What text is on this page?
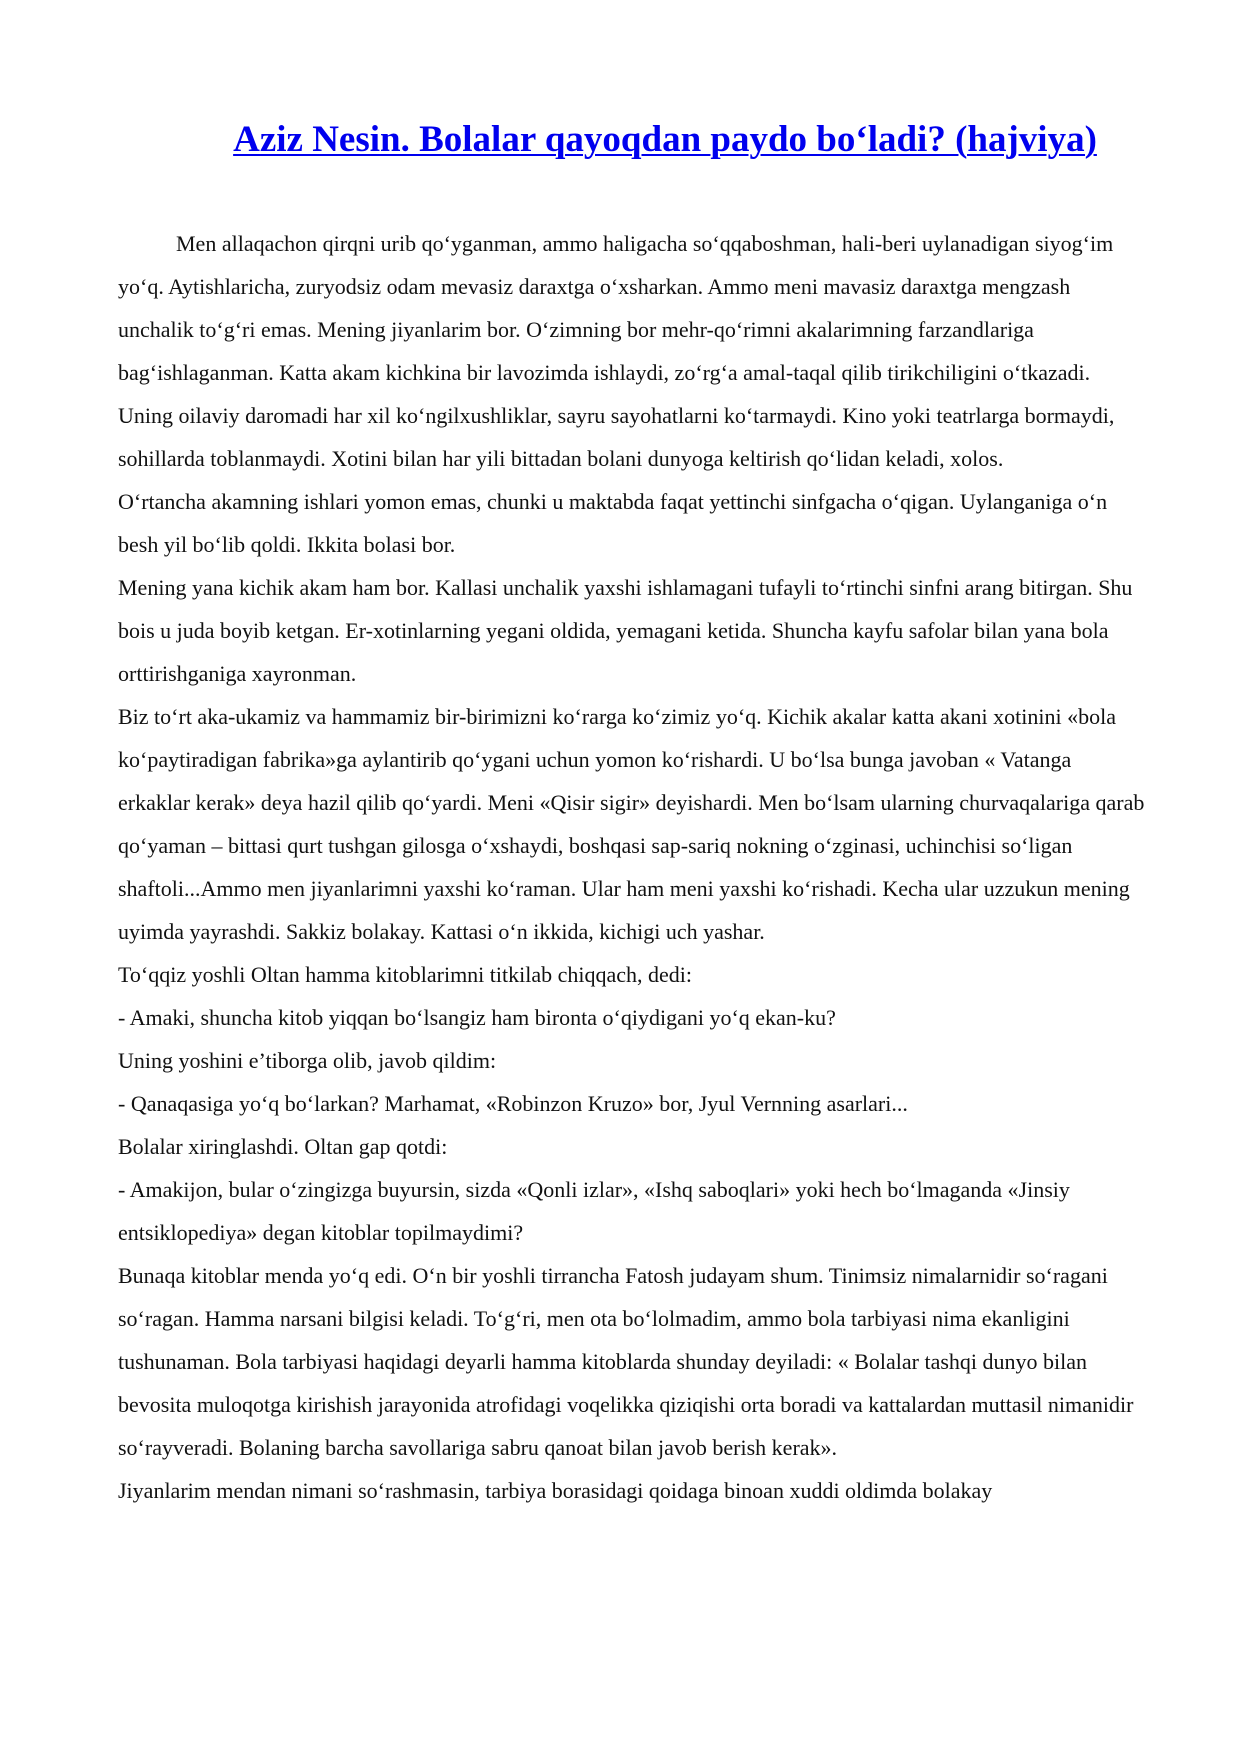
Aziz Nesin. Bolalar qayoqdan paydo bo‘ladi? (hajviya)

Men allaqachon qirqni urib qo‘yganman, ammo haligacha so‘qqaboshman, hali-beri uylanadigan siyog‘im yo‘q. Aytishlaricha, zuryodsiz odam mevasiz daraxtga o‘xsharkan. Ammo meni mavasiz daraxtga mengzash unchalik to‘g‘ri emas. Mening jiyanlarim bor. O‘zimning bor mehr-qo‘rimni akalarimning farzandlariga bag‘ishlaganman. Katta akam kichkina bir lavozimda ishlaydi, zo‘rg‘a amal-taqal qilib tirikchiligini o‘tkazadi. Uning oilaviy daromadi har xil ko‘ngilxushliklar, sayru sayohatlarni ko‘tarmaydi. Kino yoki teatrlarga bormaydi, sohillarda toblanmaydi. Xotini bilan har yili bittadan bolani dunyoga keltirish qo‘lidan keladi, xolos.

O‘rtancha akamning ishlari yomon emas, chunki u maktabda faqat yettinchi sinfgacha o‘qigan. Uylanganiga o‘n besh yil bo‘lib qoldi. Ikkita bolasi bor.

Mening yana kichik akam ham bor. Kallasi unchalik yaxshi ishlamagani tufayli to‘rtinchi sinfni arang bitirgan. Shu bois u juda boyib ketgan. Er-xotinlarning yegani oldida, yemagani ketida. Shuncha kayfu safolar bilan yana bola orttirishganiga xayronman.

Biz to‘rt aka-ukamiz va hammamiz bir-birimizni ko‘rarga ko‘zimiz yo‘q. Kichik akalar katta akani xotinini «bola ko‘paytiradigan fabrika»ga aylantirib qo‘ygani uchun yomon ko‘rishardi. U bo‘lsa bunga javoban « Vatanga erkaklar kerak» deya hazil qilib qo‘yardi. Meni «Qisir sigir» deyishardi. Men bo‘lsam ularning churvaqalariga qarab qo‘yaman – bittasi qurt tushgan gilosga o‘xshaydi, boshqasi sap-sariq nokning o‘zginasi, uchinchisi so‘ligan shaftoli...Ammo men jiyanlarimni yaxshi ko‘raman. Ular ham meni yaxshi ko‘rishadi. Kecha ular uzzukun mening uyimda yayrashdi. Sakkiz bolakay. Kattasi o‘n ikkida, kichigi uch yashar.

To‘qqiz yoshli Oltan hamma kitoblarimni titkilab chiqqach, dedi:

- Amaki, shuncha kitob yiqqan bo‘lsangiz ham bironta o‘qiydigani yo‘q ekan-ku?

Uning yoshini e’tiborga olib, javob qildim:

- Qanaqasiga yo‘q bo‘larkan? Marhamat, «Robinzon Kruzo» bor, Jyul Vernning asarlari...

Bolalar xiringlashdi. Oltan gap qotdi:

- Amakijon, bular o‘zingizga buyursin, sizda «Qonli izlar», «Ishq saboqlari» yoki hech bo‘lmaganda «Jinsiy entsiklopediya» degan kitoblar topilmaydimi?

Bunaqa kitoblar menda yo‘q edi. O‘n bir yoshli tirrancha Fatosh judayam shum. Tinimsiz nimalarnidir so‘ragani so‘ragan. Hamma narsani bilgisi keladi. To‘g‘ri, men ota bo‘lolmadim, ammo bola tarbiyasi nima ekanligini tushunaman. Bola tarbiyasi haqidagi deyarli hamma kitoblarda shunday deyiladi: « Bolalar tashqi dunyo bilan bevosita muloqotga kirishish jarayonida atrofidagi voqelikka qiziqishi orta boradi va kattalardan muttasil nimanidir so‘rayveradi. Bolaning barcha savollariga sabru qanoat bilan javob berish kerak».

Jiyanlarim mendan nimani so‘rashmasin, tarbiya borasidagi qoidaga binoan xuddi oldimda bolakay
